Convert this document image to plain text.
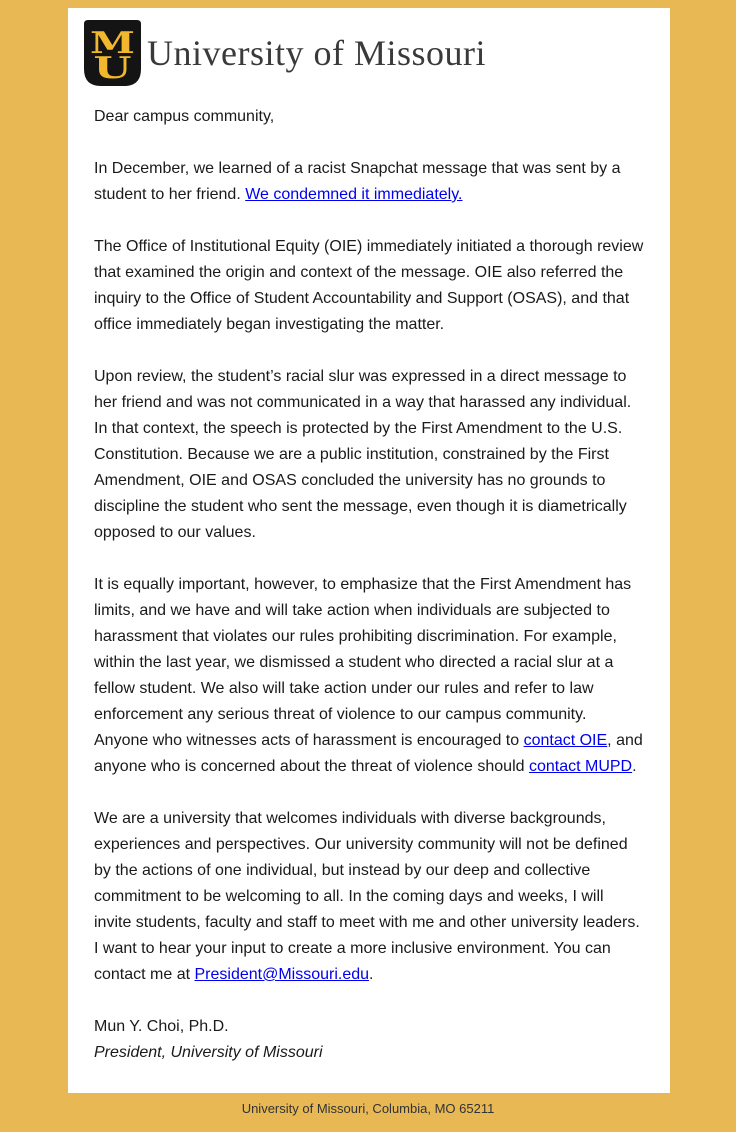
M
U University of Missouri

Dear campus community,

In December, we learned of a racist Snapchat message that was sent by a student to her friend. We condemned it immediately.

The Office of Institutional Equity (OIE) immediately initiated a thorough review that examined the origin and context of the message. OIE also referred the inquiry to the Office of Student Accountability and Support (OSAS), and that office immediately began investigating the matter.

Upon review, the student’s racial slur was expressed in a direct message to her friend and was not communicated in a way that harassed any individual. In that context, the speech is protected by the First Amendment to the U.S. Constitution. Because we are a public institution, constrained by the First Amendment, OIE and OSAS concluded the university has no grounds to discipline the student who sent the message, even though it is diametrically opposed to our values.

It is equally important, however, to emphasize that the First Amendment has limits, and we have and will take action when individuals are subjected to harassment that violates our rules prohibiting discrimination. For example, within the last year, we dismissed a student who directed a racial slur at a fellow student. We also will take action under our rules and refer to law enforcement any serious threat of violence to our campus community. Anyone who witnesses acts of harassment is encouraged to contact OIE, and anyone who is concerned about the threat of violence should contact MUPD.

We are a university that welcomes individuals with diverse backgrounds, experiences and perspectives. Our university community will not be defined by the actions of one individual, but instead by our deep and collective commitment to be welcoming to all. In the coming days and weeks, I will invite students, faculty and staff to meet with me and other university leaders. I want to hear your input to create a more inclusive environment. You can contact me at President@Missouri.edu.

Mun Y. Choi, Ph.D.
President, University of Missouri
University of Missouri, Columbia, MO 65211
